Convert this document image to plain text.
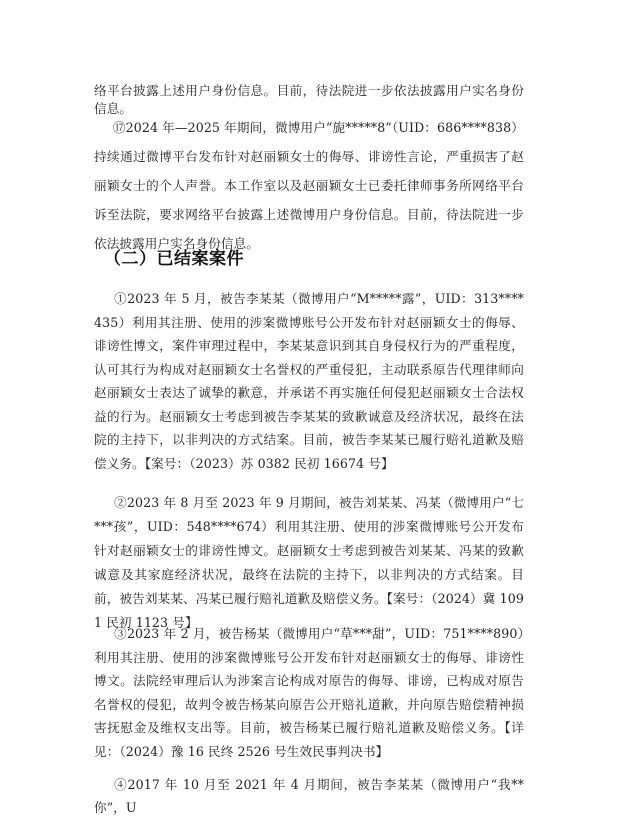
络平台披露上述用户身份信息。目前，待法院进一步依法披露用户实名身份信息。
⑰2024 年—2025 年期间，微博用户“旎*****8”（UID：686****838）持续通过微博平台发布针对赵丽颖女士的侮辱、诽谤性言论，严重损害了赵丽颖女士的个人声誉。本工作室以及赵丽颖女士已委托律师事务所网络平台诉至法院，要求网络平台披露上述微博用户身份信息。目前，待法院进一步依法披露用户实名身份信息。
（二）已结案案件
①2023 年 5 月，被告李某某（微博用户“M*****露”，UID：313****435）利用其注册、使用的涉案微博账号公开发布针对赵丽颖女士的侮辱、诽谤性博文，案件审理过程中，李某某意识到其自身侵权行为的严重程度，认可其行为构成对赵丽颖女士名誉权的严重侵犯，主动联系原告代理律师向赵丽颖女士表达了诚挚的歉意，并承诺不再实施任何侵犯赵丽颖女士合法权益的行为。赵丽颖女士考虑到被告李某某的致歉诚意及经济状况，最终在法院的主持下，以非判决的方式结案。目前，被告李某某已履行赔礼道歉及赔偿义务。【案号：（2023）苏 0382 民初 16674 号】
②2023 年 8 月至 2023 年 9 月期间，被告刘某某、冯某（微博用户“七***孩”，UID：548****674）利用其注册、使用的涉案微博账号公开发布针对赵丽颖女士的诽谤性博文。赵丽颖女士考虑到被告刘某某、冯某的致歉诚意及其家庭经济状况，最终在法院的主持下，以非判决的方式结案。目前，被告刘某某、冯某已履行赔礼道歉及赔偿义务。【案号：（2024）冀 1091 民初 1123 号】
③2023 年 2 月，被告杨某（微博用户“草***甜”，UID：751****890）利用其注册、使用的涉案微博账号公开发布针对赵丽颖女士的侮辱、诽谤性博文。法院经审理后认为涉案言论构成对原告的侮辱、诽谤，已构成对原告名誉权的侵犯，故判令被告杨某向原告公开赔礼道歉，并向原告赔偿精神损害抚慰金及维权支出等。目前，被告杨某已履行赔礼道歉及赔偿义务。【详见：（2024）豫 16 民终 2526 号生效民事判决书】
④2017 年 10 月至 2021 年 4 月期间，被告李某某（微博用户“我**你”，U
